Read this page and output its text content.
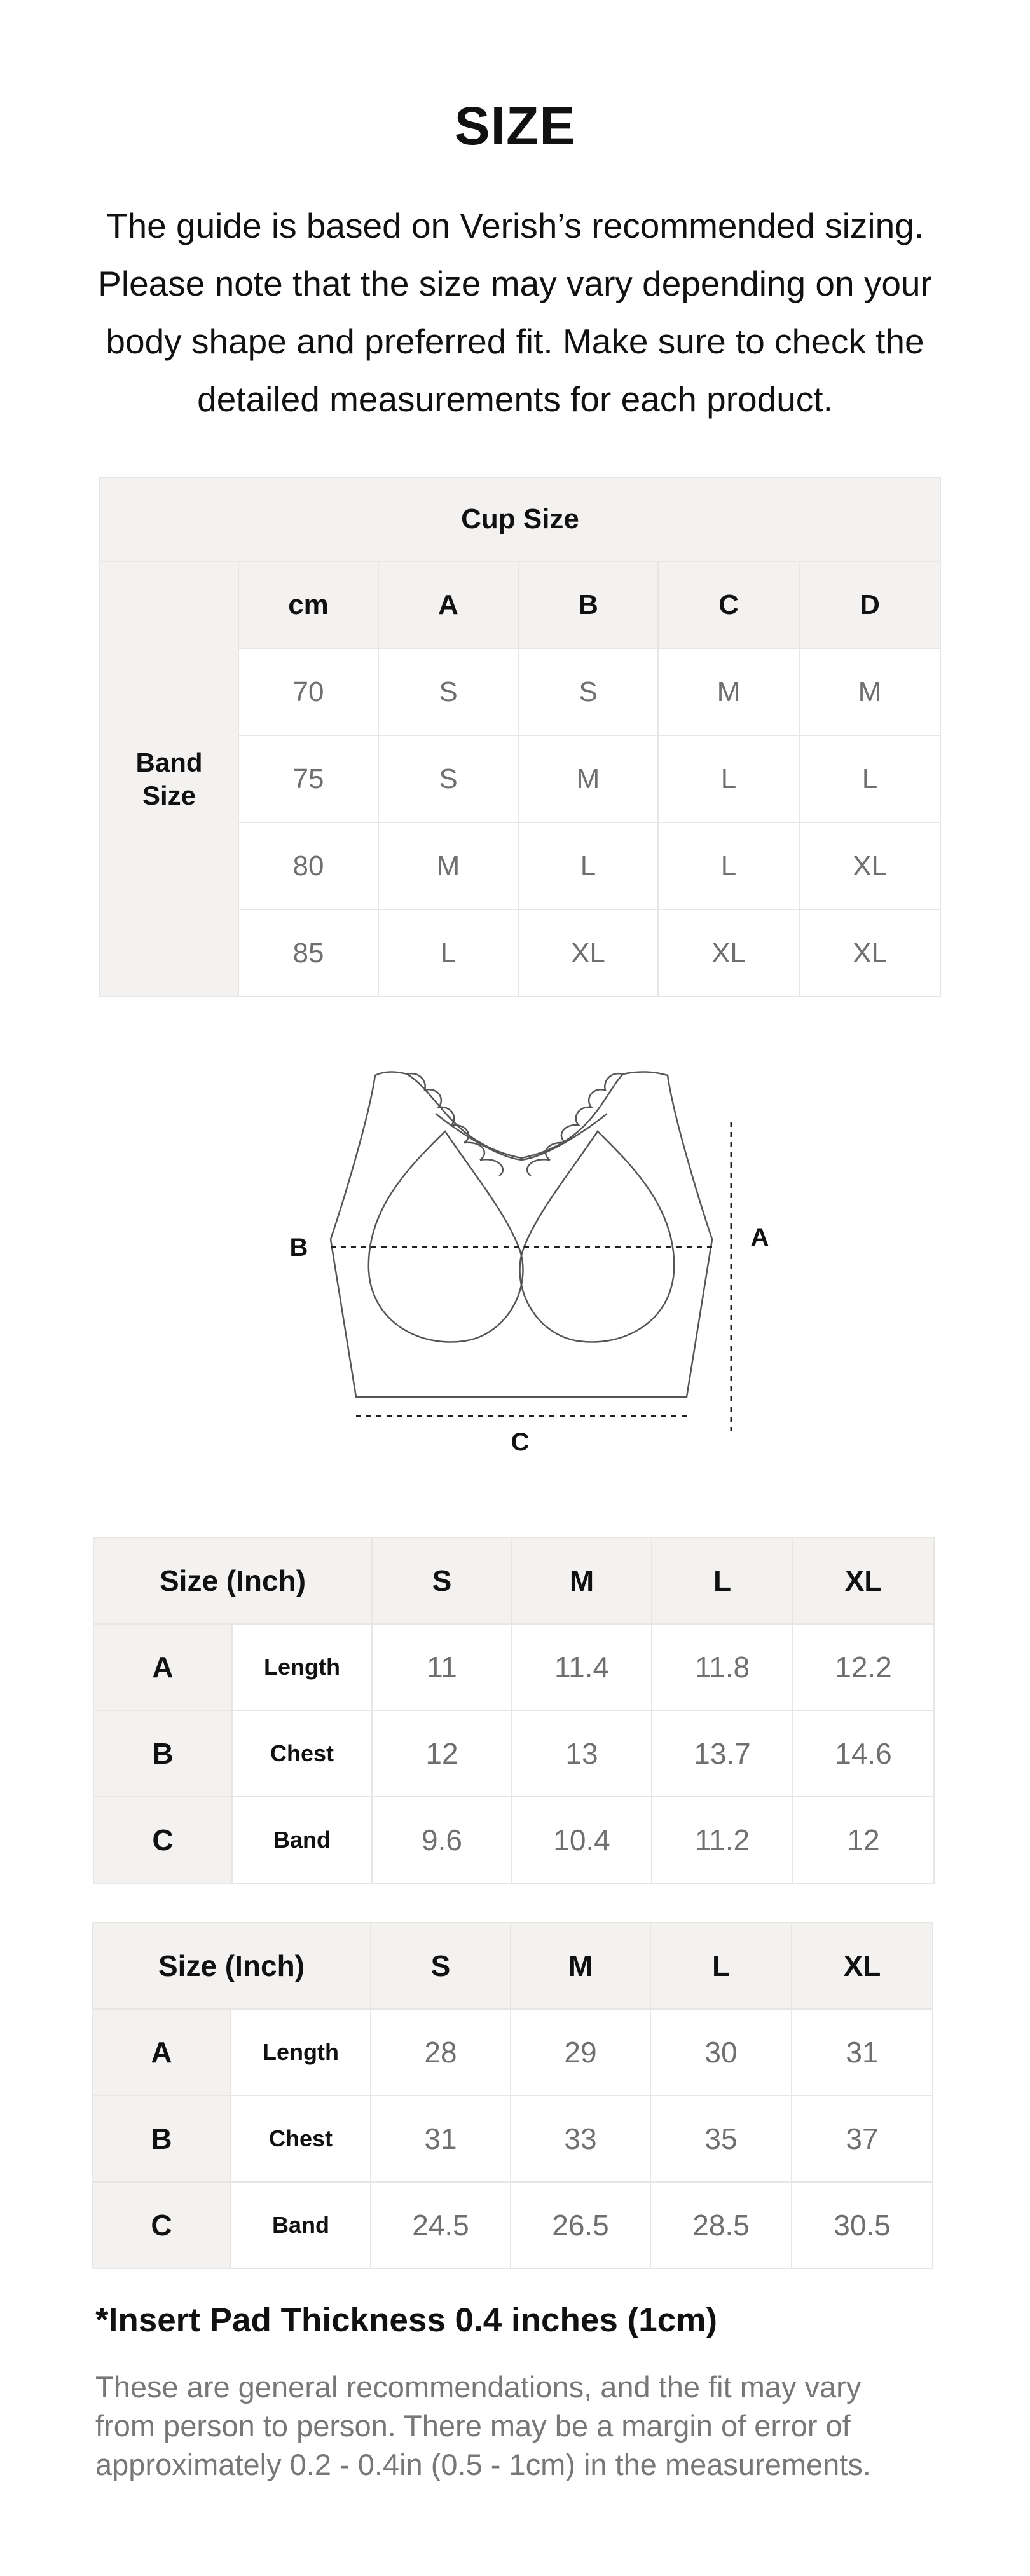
SIZE
The guide is based on Verish’s recommended sizing.
Please note that the size may vary depending on your
body shape and preferred fit. Make sure to check the
detailed measurements for each product.
Cup Size					
Band Size	cm	A	B	C	D
	70	S	S	M	M
	75	S	M	L	L
	80	M	L	L	XL
	85	L	XL	XL	XL
B	A
C
Size (Inch)		S	M	L	XL
A	Length	11	11.4	11.8	12.2
B	Chest	12	13	13.7	14.6
C	Band	9.6	10.4	11.2	12
Size (Inch)		S	M	L	XL
A	Length	28	29	30	31
B	Chest	31	33	35	37
C	Band	24.5	26.5	28.5	30.5
*Insert Pad Thickness 0.4 inches (1cm)
These are general recommendations, and the fit may vary
from person to person. There may be a margin of error of
approximately 0.2 - 0.4in (0.5 - 1cm) in the measurements.
